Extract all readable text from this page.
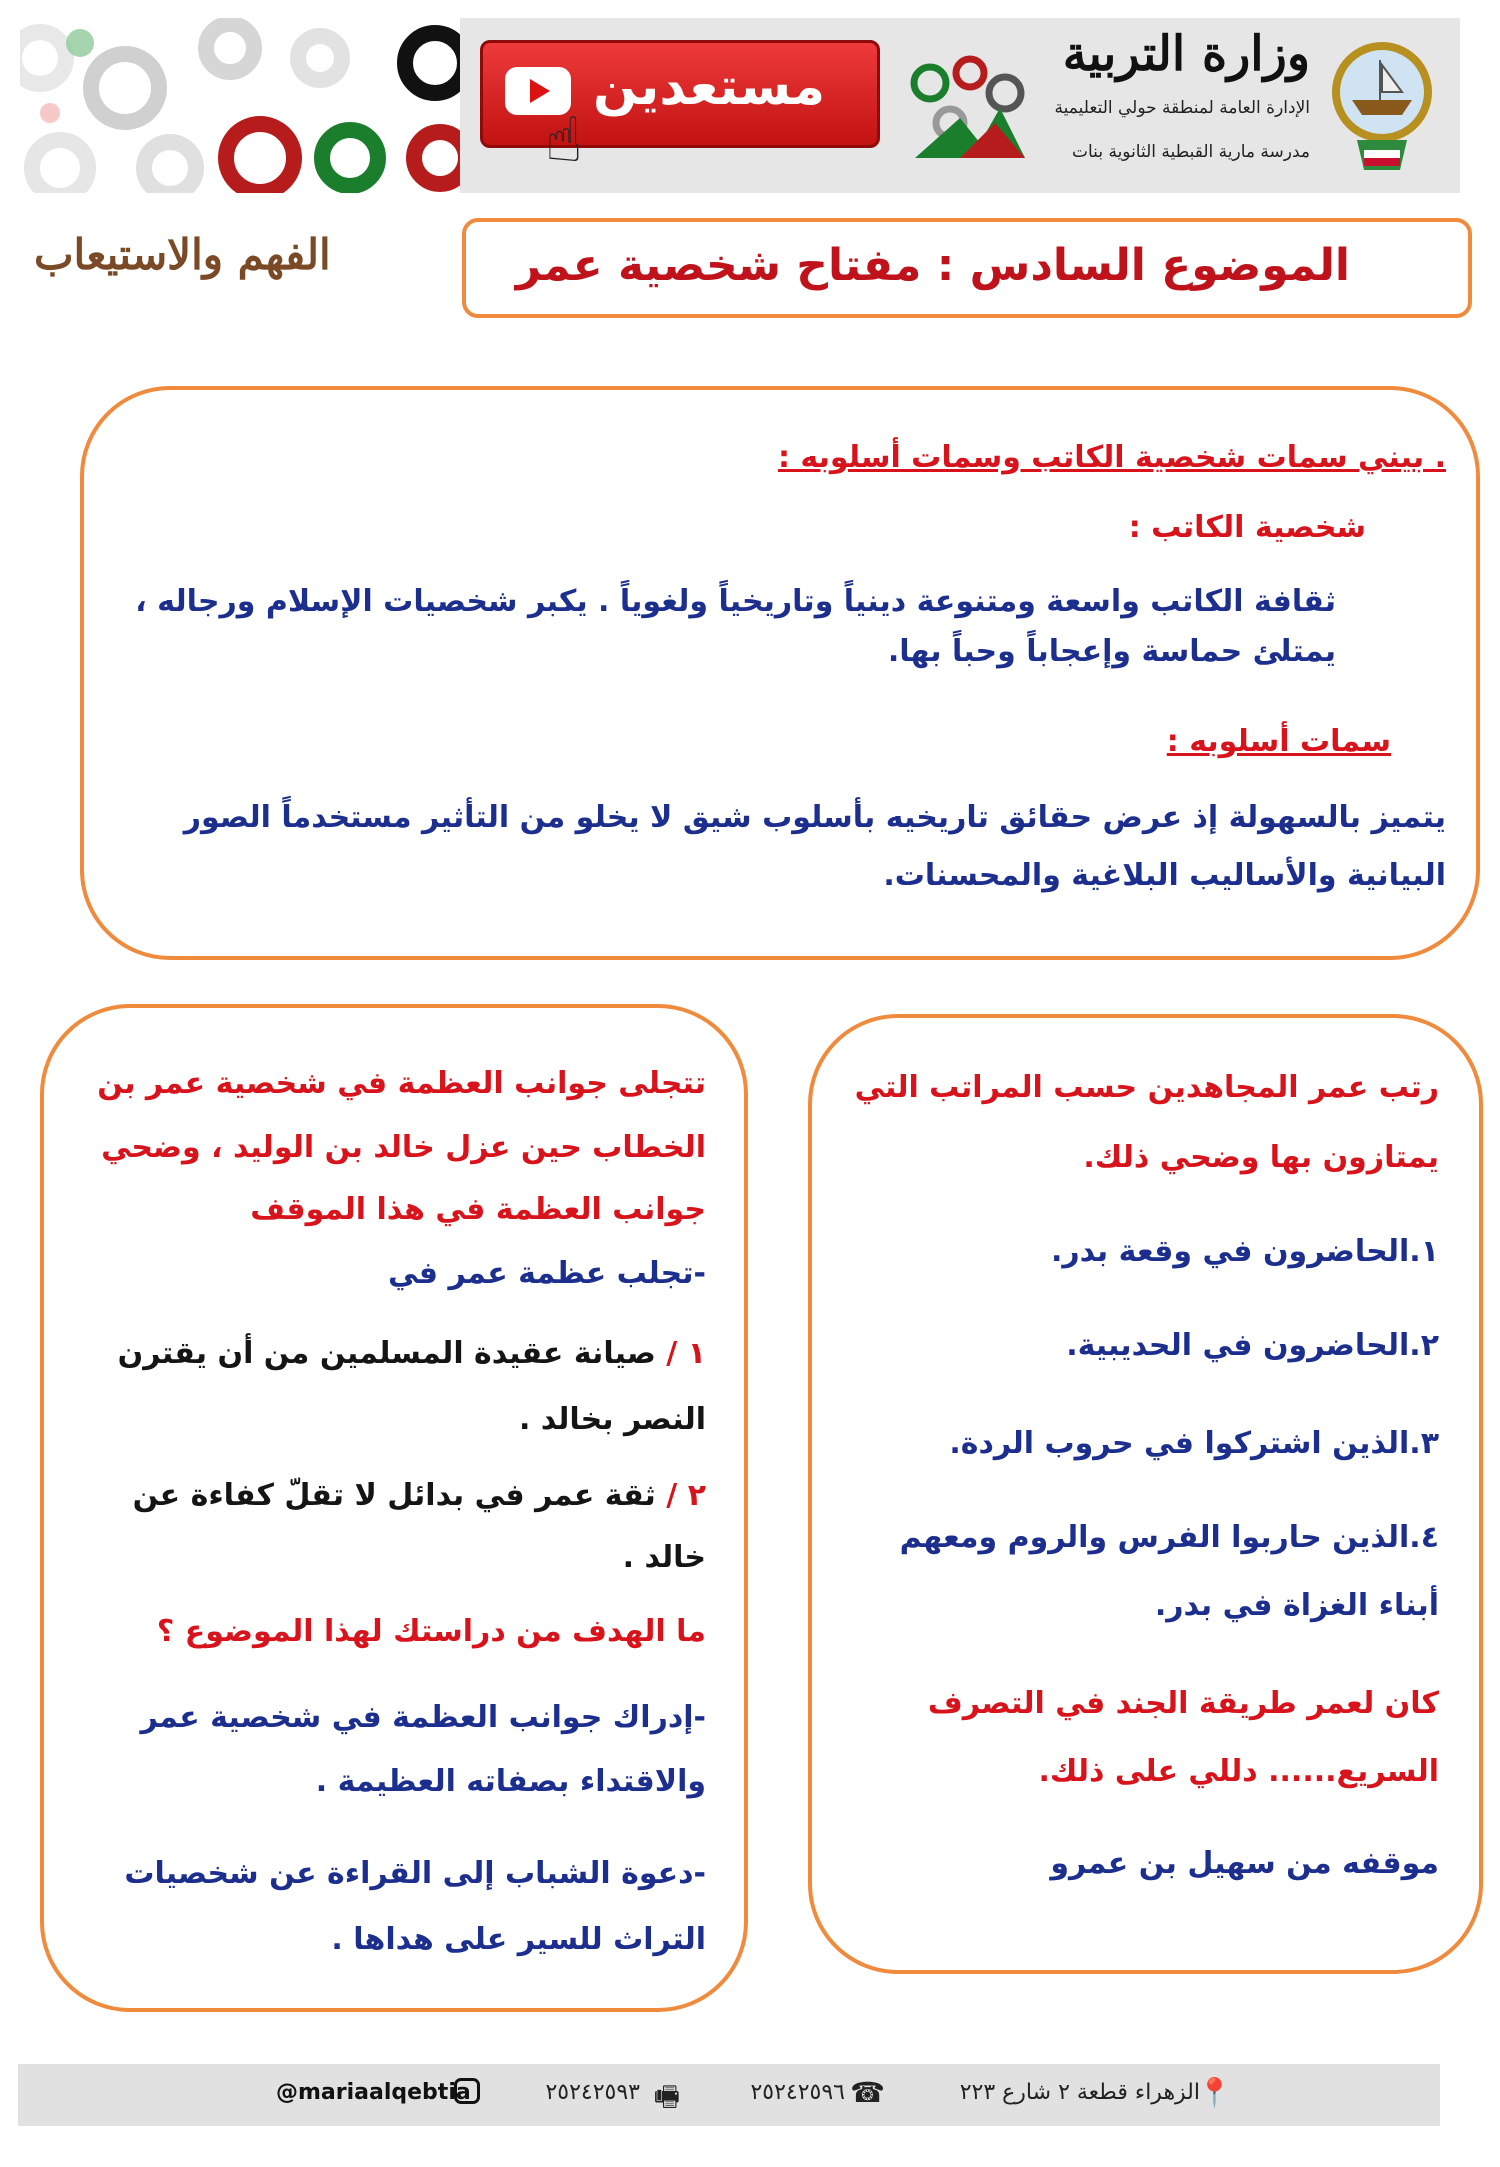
مستعدين
☝
وزارة التربية
الإدارة العامة لمنطقة حولي التعليمية
مدرسة مارية القبطية الثانوية بنات
الفهم والاستيعاب	الموضوع السادس : مفتاح شخصية عمر
. بيني سمات شخصية الكاتب وسمات أسلوبه :
شخصية الكاتب :
ثقافة الكاتب واسعة ومتنوعة دينياً وتاريخياً ولغوياً . يكبر شخصيات الإسلام ورجاله ،
يمتلئ حماسة وإعجاباً وحباً بها.
سمات أسلوبه :
يتميز بالسهولة إذ عرض حقائق تاريخيه بأسلوب شيق لا يخلو من التأثير مستخدماً الصور
البيانية والأساليب البلاغية والمحسنات.
رتب عمر المجاهدين حسب المراتب التي
يمتازون بها وضحي ذلك.
١.الحاضرون في وقعة بدر.
٢.الحاضرون في الحديبية.
٣.الذين اشتركوا في حروب الردة.
٤.الذين حاربوا الفرس والروم ومعهم
أبناء الغزاة في بدر.
كان لعمر طريقة الجند في التصرف
السريع...... دللي على ذلك.
موقفه من سهيل بن عمرو
تتجلى جوانب العظمة في شخصية عمر بن
الخطاب حين عزل خالد بن الوليد ، وضحي
جوانب العظمة في هذا الموقف
-تجلب عظمة عمر في
١ / صيانة عقيدة المسلمين من أن يقترن
النصر بخالد .
٢ / ثقة عمر في بدائل لا تقلّ كفاءة عن
خالد .
ما الهدف من دراستك لهذا الموضوع ؟
-إدراك جوانب العظمة في شخصية عمر
والاقتداء بصفاته العظيمة .
-دعوة الشباب إلى القراءة عن شخصيات
التراث للسير على هداها .
📍
الزهراء قطعة ٢ شارع ٢٢٣
☎
٢٥٢٤٢٥٩٦
🖷
٢٥٢٤٢٥٩٣
@mariaalqebtia
